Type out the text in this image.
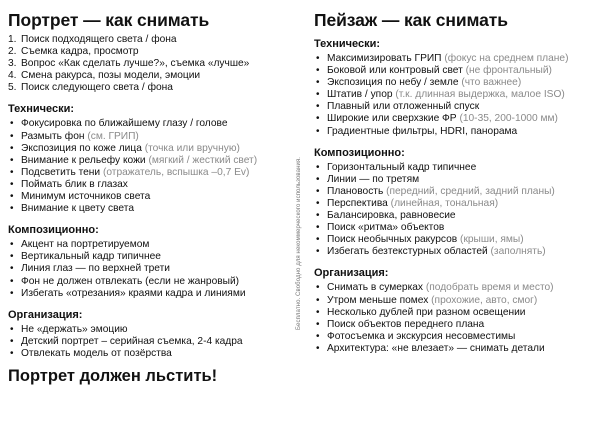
Портрет — как снимать
1. Поиск подходящего света / фона
2. Съемка кадра, просмотр
3. Вопрос «Как сделать лучше?», съемка «лучше»
4. Смена ракурса, позы модели, эмоции
5. Поиск следующего света / фона
Технически:
• Фокусировка по ближайшему глазу / голове
• Размыть фон (см. ГРИП)
• Экспозиция по коже лица (точка или вручную)
• Внимание к рельефу кожи (мягкий / жесткий свет)
• Подсветить тени (отражатель, вспышка –0,7 Ev)
• Поймать блик в глазах
• Минимум источников света
• Внимание к цвету света
Композиционно:
• Акцент на портретируемом
• Вертикальный кадр типичнее
• Линия глаз — по верхней трети
• Фон не должен отвлекать (если не жанровый)
• Избегать «отрезания» краями кадра и линиями
Организация:
• Не «держать» эмоцию
• Детский портрет – серийная съемка, 2-4 кадра
• Отвлекать модель от позёрства
Портрет должен льстить!
Бесплатно. Свободно для некоммерческого использования.
Пейзаж — как снимать
Технически:
• Максимизировать ГРИП (фокус на среднем плане)
• Боковой или контровый свет (не фронтальный)
• Экспозиция по небу / земле (что важнее)
• Штатив / упор (т.к. длинная выдержка, малое ISO)
• Плавный или отложенный спуск
• Широкие или сверхзкие ФР (10-35, 200-1000 мм)
• Градиентные фильтры, HDRI, панорама
Композиционно:
• Горизонтальный кадр типичнее
• Линии — по третям
• Плановость (передний, средний, задний планы)
• Перспектива (линейная, тональная)
• Балансировка, равновесие
• Поиск «ритма» объектов
• Поиск необычных ракурсов (крыши, ямы)
• Избегать безтекстурных областей (заполнять)
Организация:
• Снимать в сумерках (подобрать время и место)
• Утром меньше помех (прохожие, авто, смог)
• Несколько дублей при разном освещении
• Поиск объектов переднего плана
• Фотосъемка и экскурсия несовместимы
• Архитектура: «не влезает» — снимать детали
